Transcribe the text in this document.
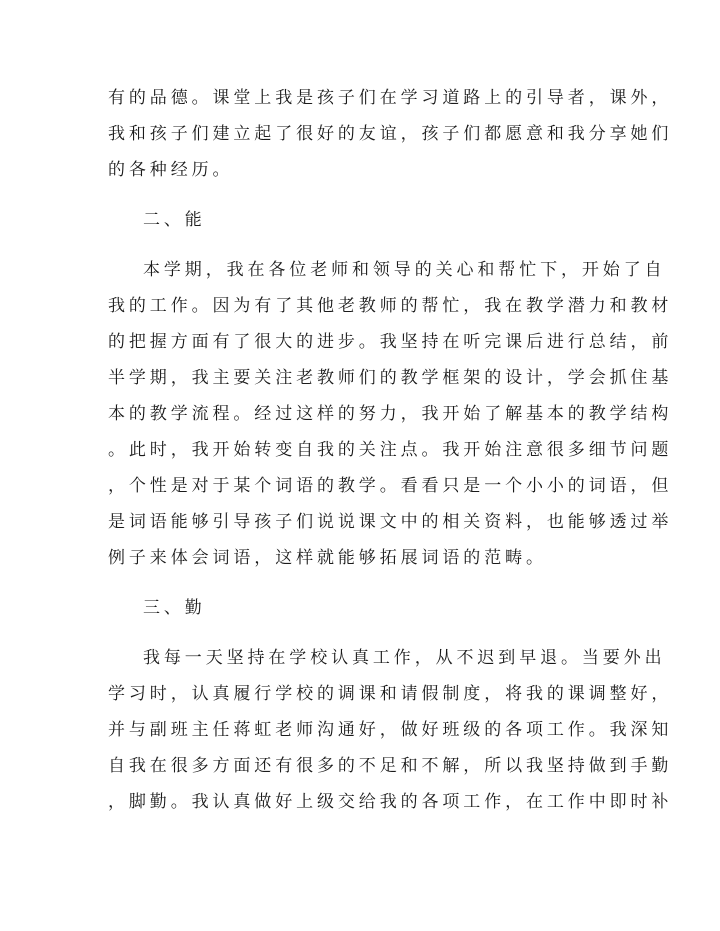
有的品德。课堂上我是孩子们在学习道路上的引导者，课外，
我和孩子们建立起了很好的友谊，孩子们都愿意和我分享她们
的各种经历。
二、能
本学期，我在各位老师和领导的关心和帮忙下，开始了自
我的工作。因为有了其他老教师的帮忙，我在教学潜力和教材
的把握方面有了很大的进步。我坚持在听完课后进行总结，前
半学期，我主要关注老教师们的教学框架的设计，学会抓住基
本的教学流程。经过这样的努力，我开始了解基本的教学结构
。此时，我开始转变自我的关注点。我开始注意很多细节问题
，个性是对于某个词语的教学。看看只是一个小小的词语，但
是词语能够引导孩子们说说课文中的相关资料，也能够透过举
例子来体会词语，这样就能够拓展词语的范畴。
三、勤
我每一天坚持在学校认真工作，从不迟到早退。当要外出
学习时，认真履行学校的调课和请假制度，将我的课调整好，
并与副班主任蒋虹老师沟通好，做好班级的各项工作。我深知
自我在很多方面还有很多的不足和不解，所以我坚持做到手勤
，脚勤。我认真做好上级交给我的各项工作，在工作中即时补
